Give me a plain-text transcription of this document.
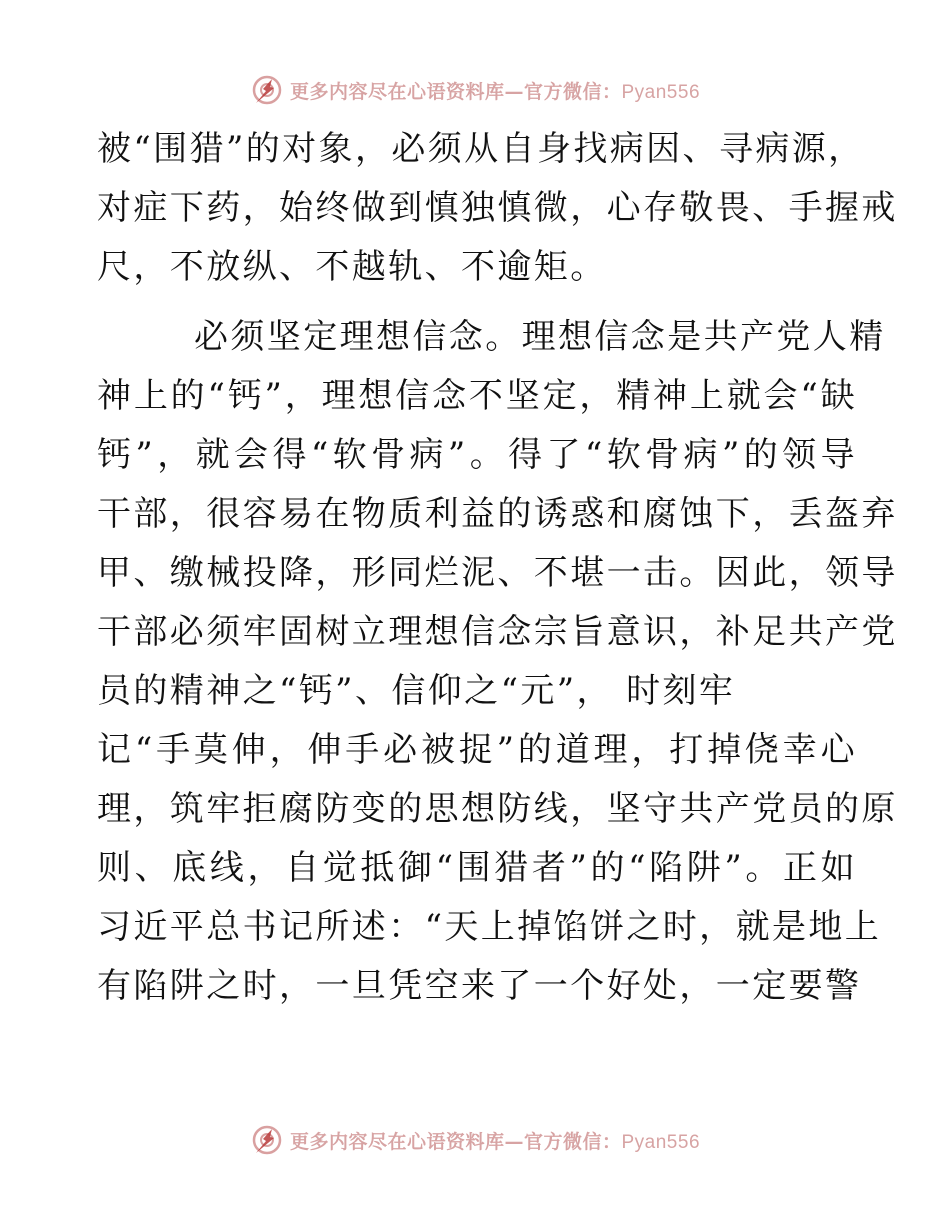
更多内容尽在心语资料库—官方微信：Pyan556
被“围猎”的对象，必须从自身找病因、寻病源，
对症下药，始终做到慎独慎微，心存敬畏、手握戒
尺，不放纵、不越轨、不逾矩。
必须坚定理想信念。理想信念是共产党人精
神上的“钙”，理想信念不坚定，精神上就会“缺
钙”，就会得“软骨病”。得了“软骨病”的领导
干部，很容易在物质利益的诱惑和腐蚀下，丢盔弃
甲、缴械投降，形同烂泥、不堪一击。因此，领导
干部必须牢固树立理想信念宗旨意识，补足共产党
员的精神之“钙”、信仰之“元”， 时刻牢
记“手莫伸，伸手必被捉”的道理，打掉侥幸心
理，筑牢拒腐防变的思想防线，坚守共产党员的原
则、底线，自觉抵御“围猎者”的“陷阱”。正如
习近平总书记所述：“天上掉馅饼之时，就是地上
有陷阱之时，一旦凭空来了一个好处，一定要警
更多内容尽在心语资料库—官方微信：Pyan556
